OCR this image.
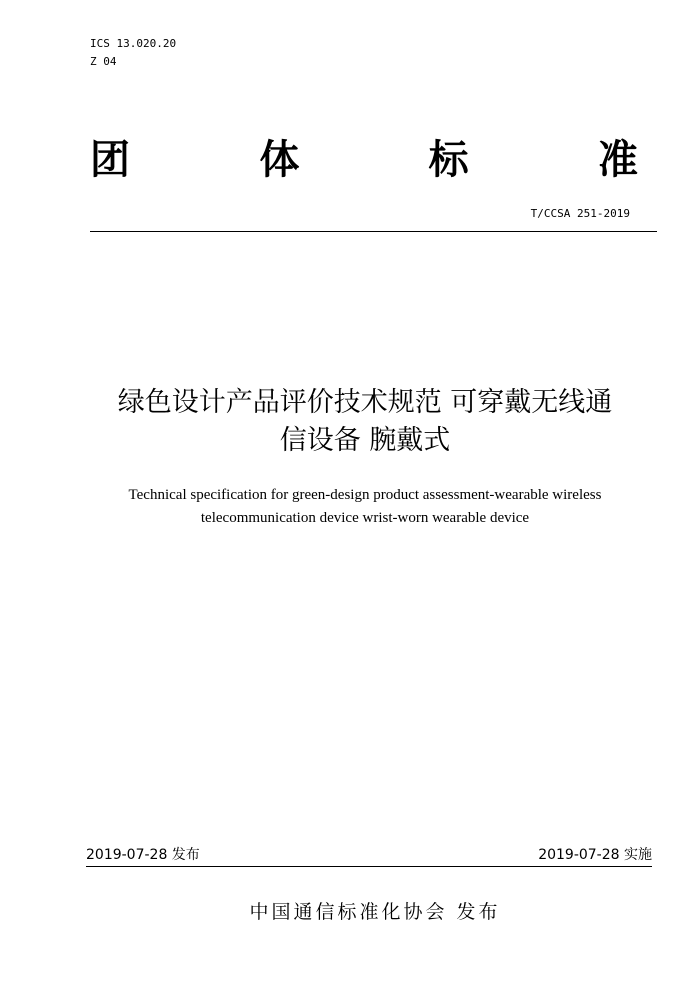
ICS 13.020.20
Z 04
团	体	标	准
T/CCSA 251-2019
绿色设计产品评价技术规范 可穿戴无线通
信设备 腕戴式
Technical specification for green-design product assessment-wearable wireless
telecommunication device wrist-worn wearable device
2019-07-28 发布	2019-07-28 实施
中国通信标准化协会 发布
